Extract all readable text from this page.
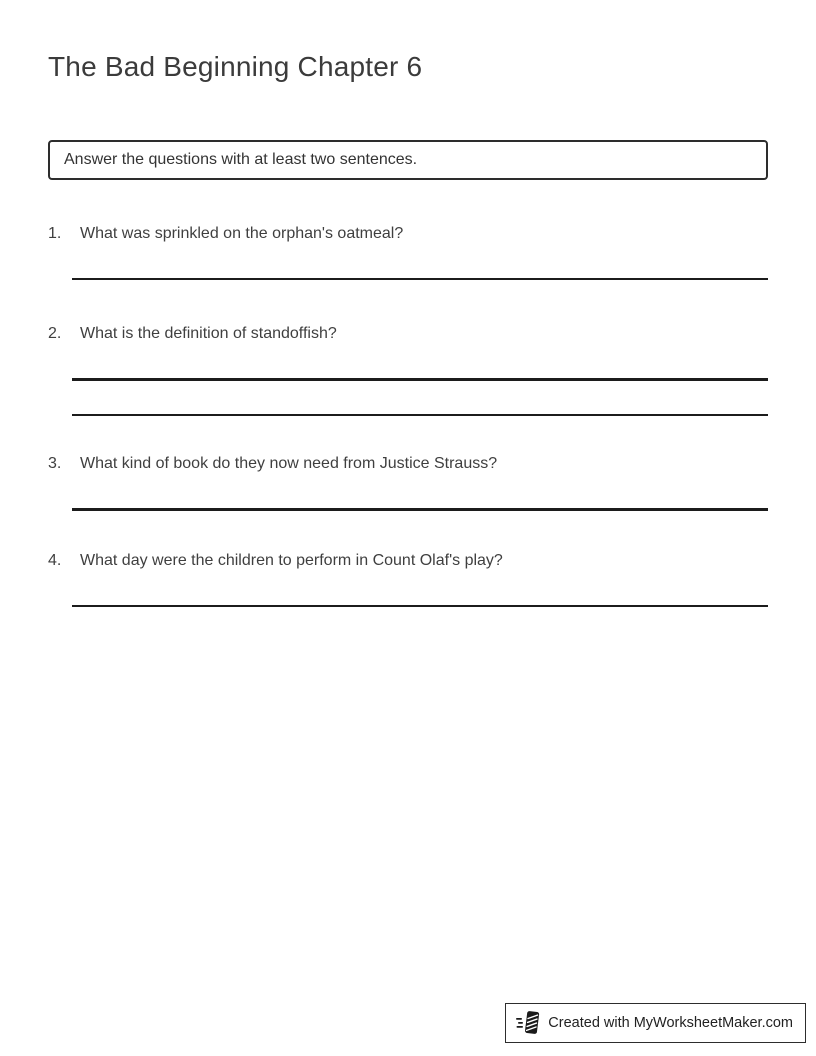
The Bad Beginning Chapter 6
Answer the questions with at least two sentences.
1.	What was sprinkled on the orphan's oatmeal?
2.	What is the definition of standoffish?
3.	What kind of book do they now need from Justice Strauss?
4.	What day were the children to perform in Count Olaf's play?
Created with MyWorksheetMaker.com
